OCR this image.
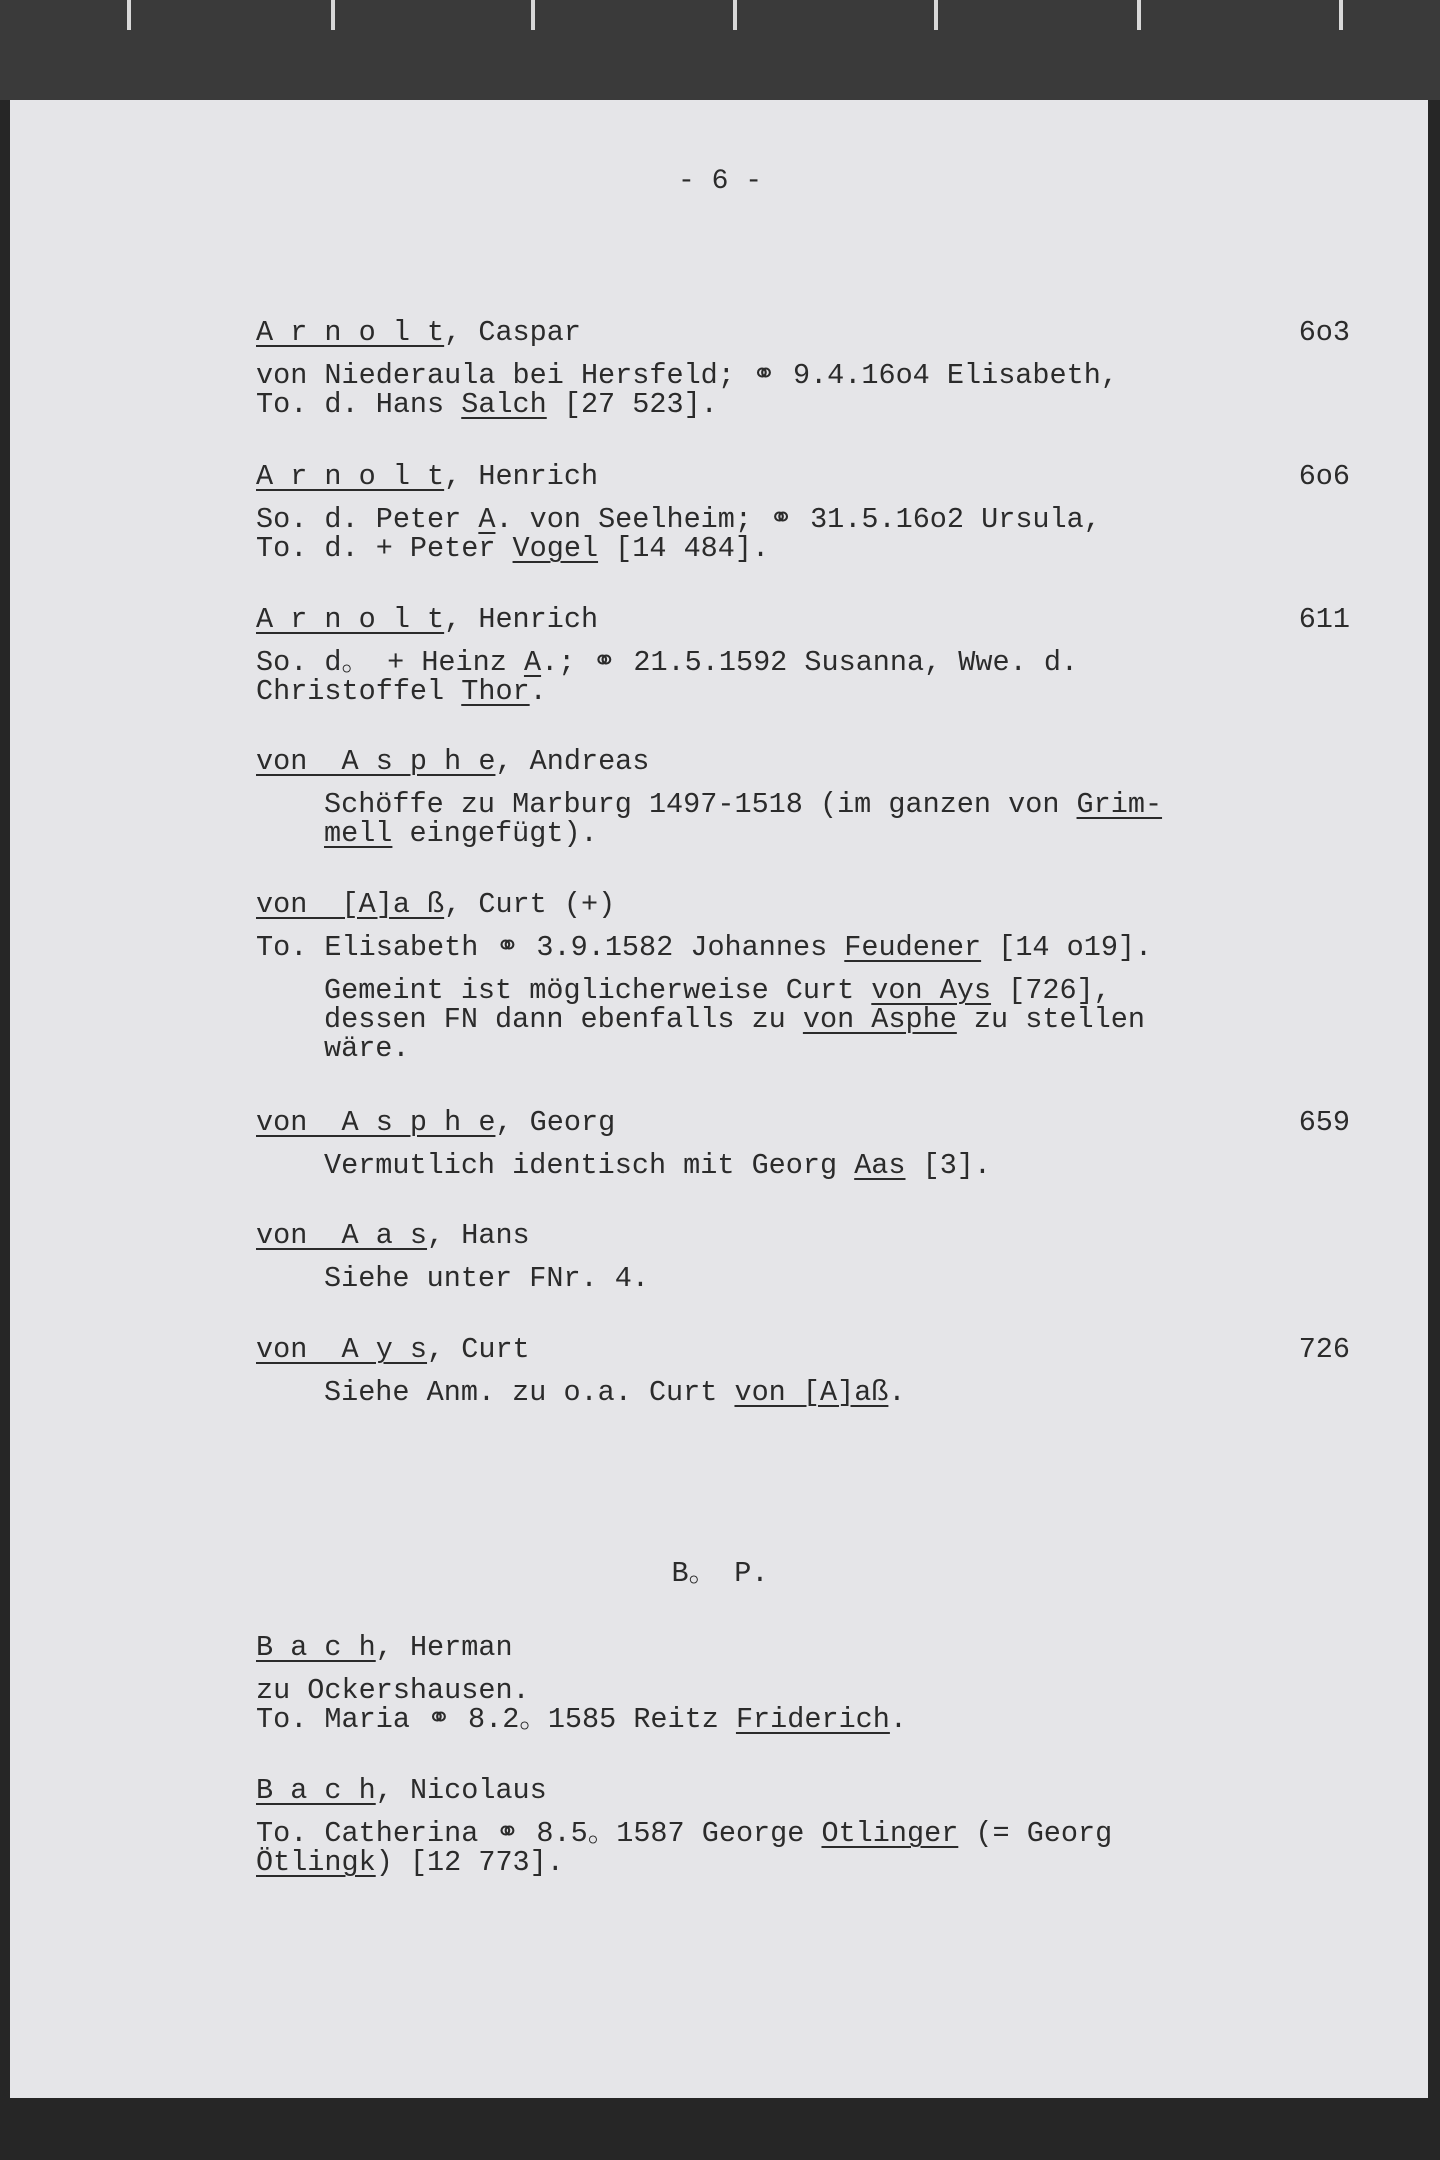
- 6 -
B。 P.
A r n o l t, Caspar	6o3
von Niederaula bei Hersfeld; ⚭ 9.4.16o4 Elisabeth,
To. d. Hans Salch [27 523].
A r n o l t, Henrich	6o6
So. d. Peter A. von Seelheim; ⚭ 31.5.16o2 Ursula,
To. d. + Peter Vogel [14 484].
A r n o l t, Henrich	611
So. d。 + Heinz A.; ⚭ 21.5.1592 Susanna, Wwe. d.
Christoffel Thor.
von  A s p h e, Andreas
Schöffe zu Marburg 1497-1518 (im ganzen von Grim-
mell eingefügt).
von  [A]a ß, Curt (+)
To. Elisabeth ⚭ 3.9.1582 Johannes Feudener [14 o19].
Gemeint ist möglicherweise Curt von Ays [726],
dessen FN dann ebenfalls zu von Asphe zu stellen
wäre.
von  A s p h e, Georg	659
Vermutlich identisch mit Georg Aas [3].
von  A a s, Hans
Siehe unter FNr. 4.
von  A y s, Curt	726
Siehe Anm. zu o.a. Curt von [A]aß.
B a c h, Herman
zu Ockershausen.
To. Maria ⚭ 8.2。1585 Reitz Friderich.
B a c h, Nicolaus
To. Catherina ⚭ 8.5。1587 George Otlinger (= Georg
Ötlingk) [12 773].
